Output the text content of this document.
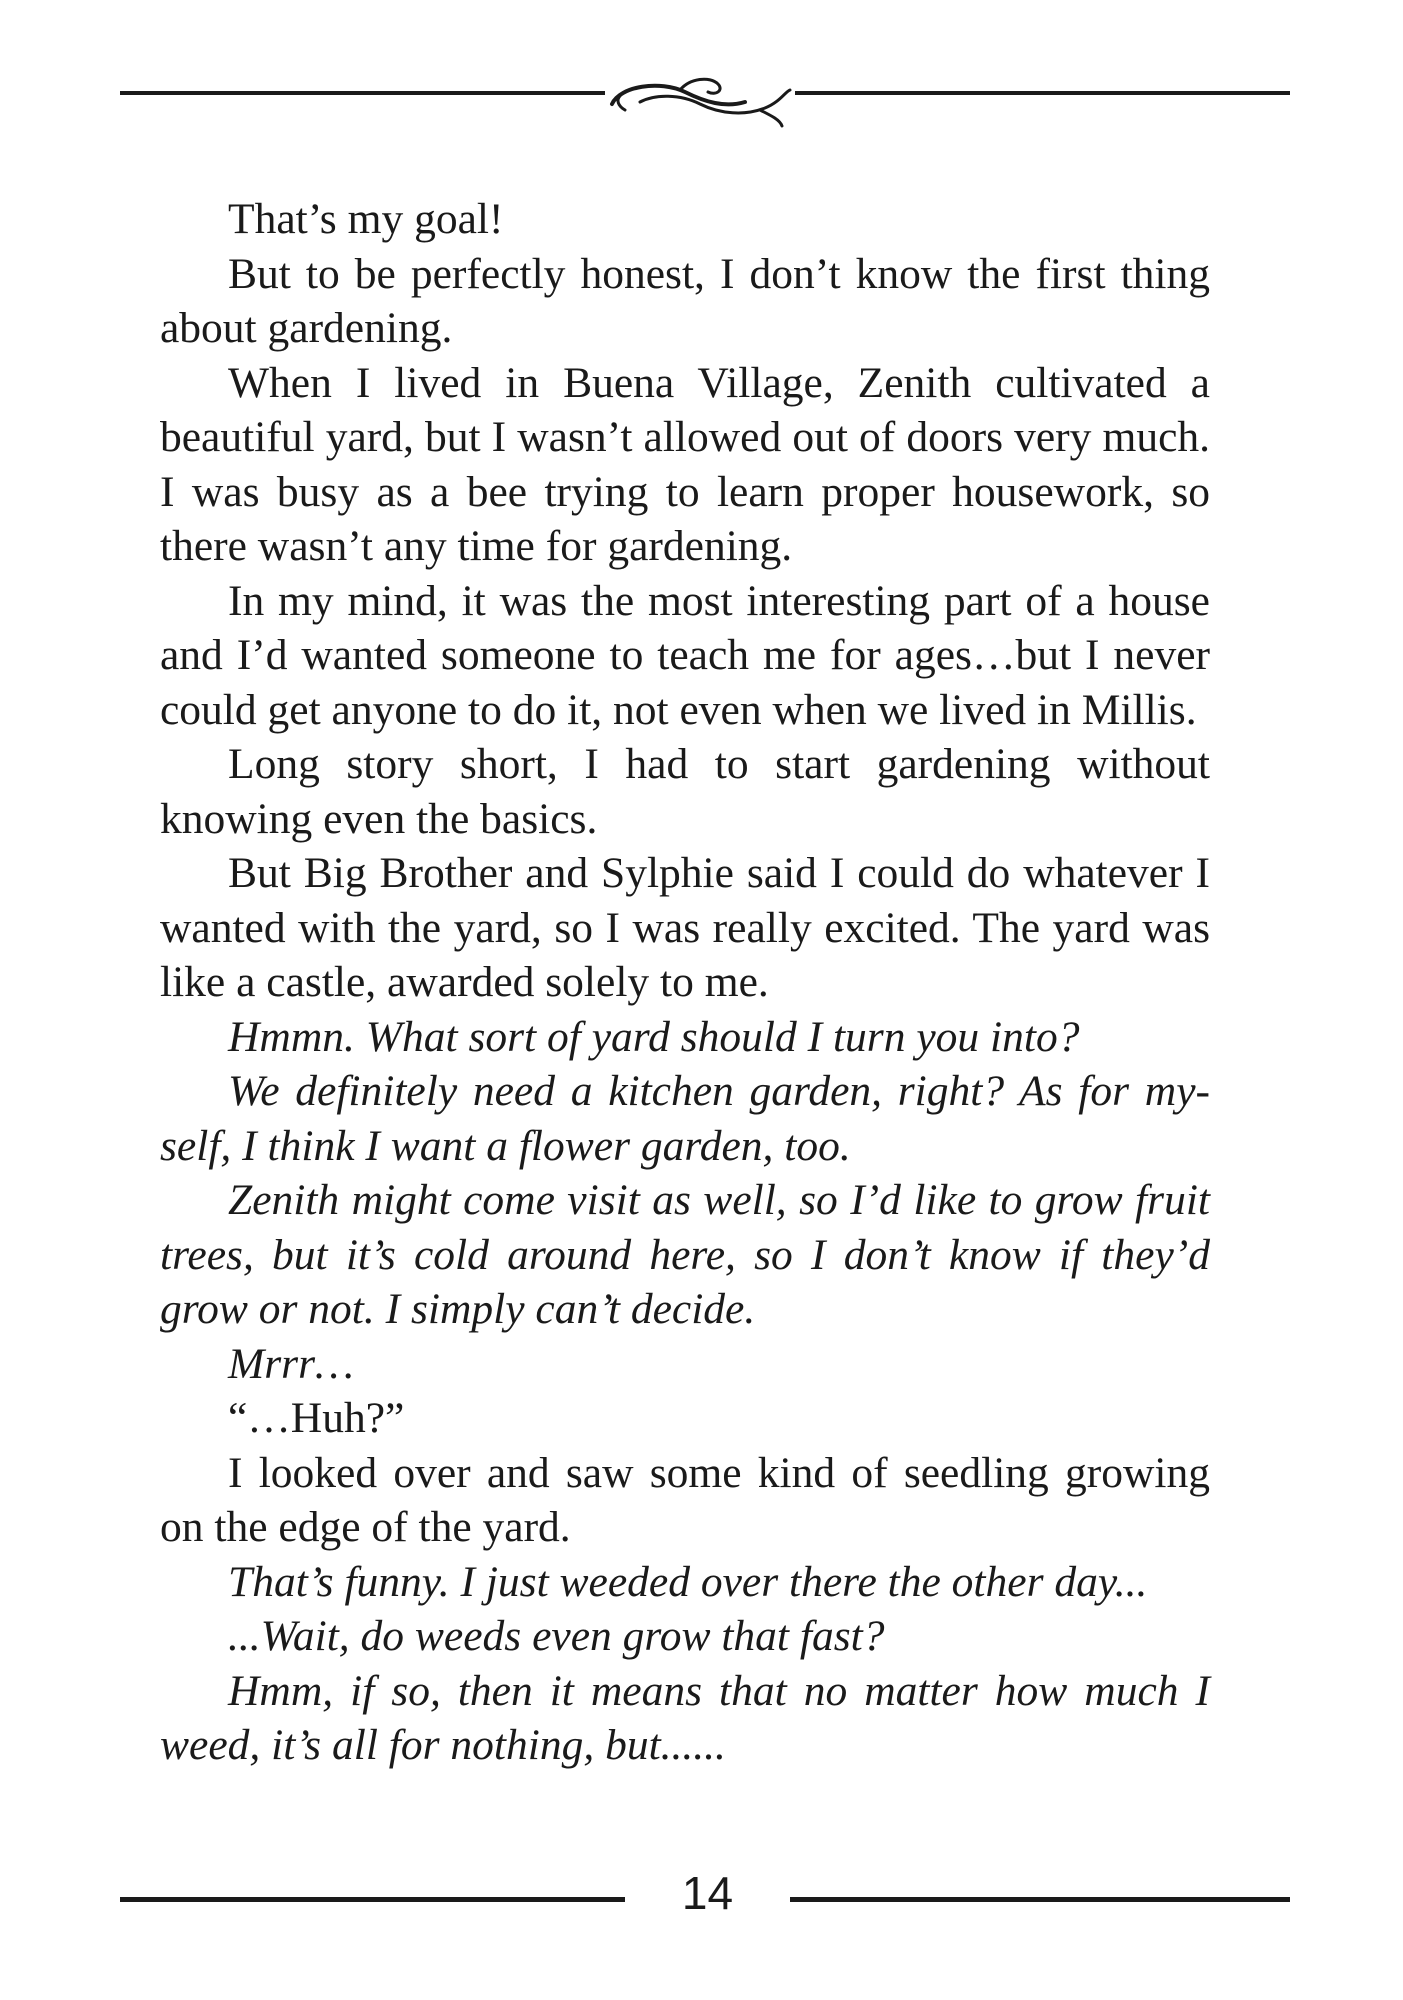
That’s my goal!

But to be perfectly honest, I don’t know the first thing about gardening.

When I lived in Buena Village, Zenith cultivated a beautiful yard, but I wasn’t allowed out of doors very much. I was busy as a bee trying to learn proper housework, so there wasn’t any time for gardening.

In my mind, it was the most interesting part of a house and I’d wanted someone to teach me for ages…but I never could get anyone to do it, not even when we lived in Millis.

Long story short, I had to start gardening without knowing even the basics.

But Big Brother and Sylphie said I could do whatever I wanted with the yard, so I was really excited. The yard was like a castle, awarded solely to me.

Hmmn. What sort of yard should I turn you into?

We definitely need a kitchen garden, right? As for myself, I think I want a flower garden, too.

Zenith might come visit as well, so I’d like to grow fruit trees, but it’s cold around here, so I don’t know if they’d grow or not. I simply can’t decide.

Mrrr…

“…Huh?”

I looked over and saw some kind of seedling growing on the edge of the yard.

That’s funny. I just weeded over there the other day...

...Wait, do weeds even grow that fast?

Hmm, if so, then it means that no matter how much I weed, it’s all for nothing, but......

14
